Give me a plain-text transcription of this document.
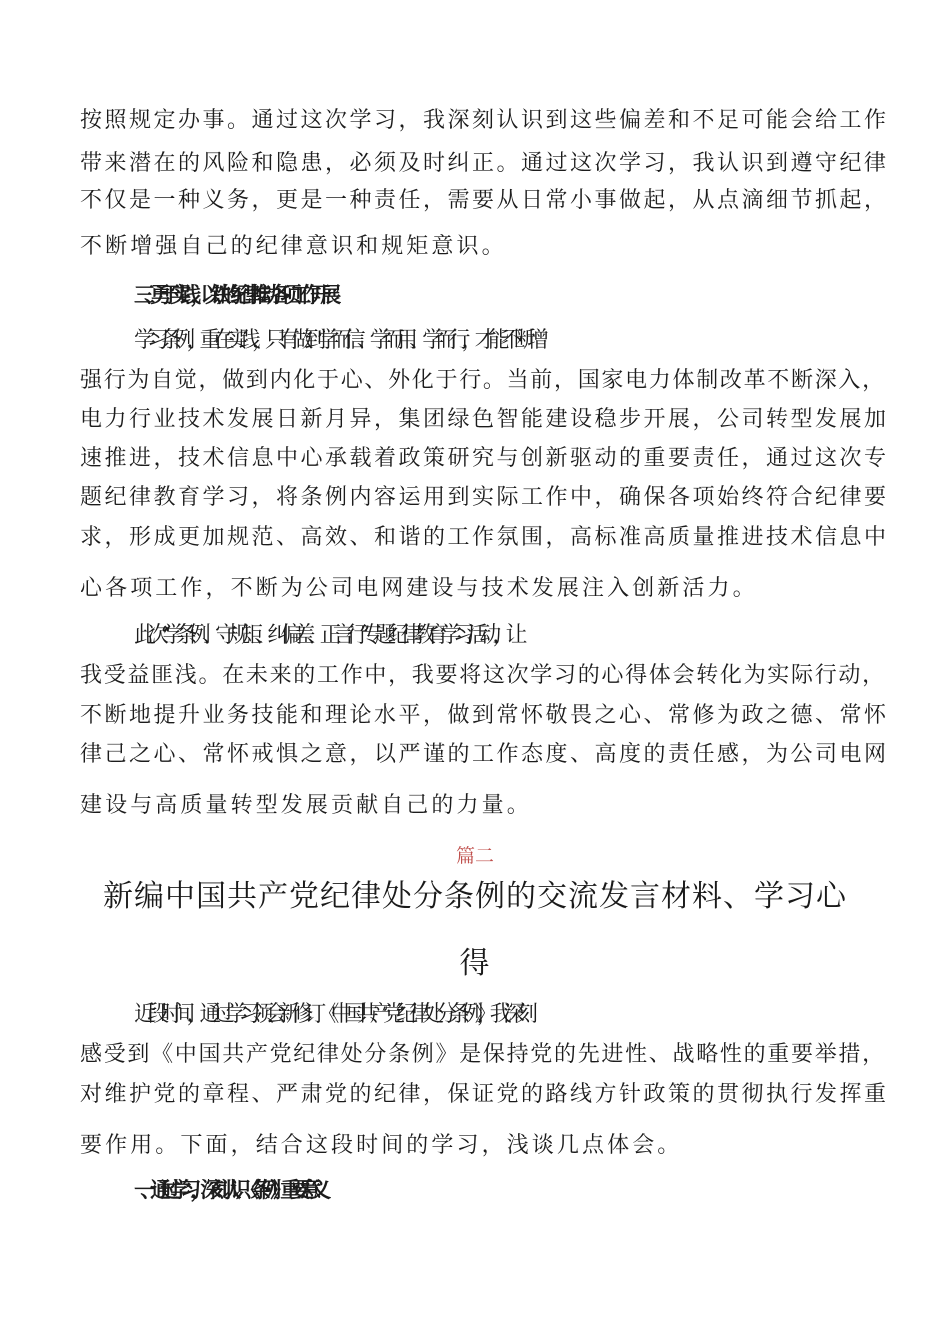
按照规定办事。通过这次学习，我深刻认识到这些偏差和不足可能会给工作
带来潜在的风险和隐患，必须及时纠正。通过这次学习，我认识到遵守纪律
不仅是一种义务，更是一种责任，需要从日常小事做起，从点滴细节抓起，
不断增强自己的纪律意识和规矩意识。
三、 勇于实践，以铁的纪律推动各项工作开展
学习条例，重在实践，只有做到学而信、学而用、学而行，才能不断增
强行为自觉，做到内化于心、外化于行。当前，国家电力体制改革不断深入，
电力行业技术发展日新月异，集团绿色智能建设稳步开展，公司转型发展加
速推进，技术信息中心承载着政策研究与创新驱动的重要责任，通过这次专
题纪律教育学习，将条例内容运用到实际工作中，确保各项始终符合纪律要
求，形成更加规范、高效、和谐的工作氛围，高标准高质量推进技术信息中
心各项工作，不断为公司电网建设与技术发展注入创新活力。
此次“学条例、守规矩、纠偏差、正言行”专题纪律教育学习活动，让
我受益匪浅。在未来的工作中，我要将这次学习的心得体会转化为实际行动，
不断地提升业务技能和理论水平，做到常怀敬畏之心、常修为政之德、常怀
律己之心、常怀戒惧之意，以严谨的工作态度、高度的责任感，为公司电网
建设与高质量转型发展贡献自己的力量。
篇二
新编中国共产党纪律处分条例的交流发言材料、学习心
得
近段时间，通过学习领会新修订《中国共产党纪律处分条例》，我深刻
感受到《中国共产党纪律处分条例》是保持党的先进性、战略性的重要举措，
对维护党的章程、严肃党的纪律，保证党的路线方针政策的贯彻执行发挥重
要作用。下面，结合这段时间的学习，浅谈几点体会。
一 、通过学习，深刻认识《条例》重要意义
